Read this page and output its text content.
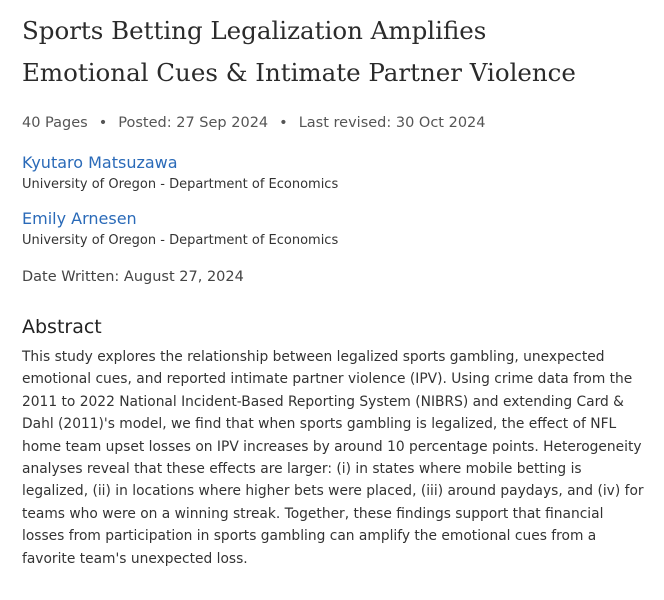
Sports Betting Legalization Amplifies
Emotional Cues & Intimate Partner Violence
40 Pages • Posted: 27 Sep 2024 • Last revised: 30 Oct 2024
Kyutaro Matsuzawa
University of Oregon - Department of Economics
Emily Arnesen
University of Oregon - Department of Economics
Date Written: August 27, 2024
Abstract

This study explores the relationship between legalized sports gambling, unexpected emotional cues, and reported intimate partner violence (IPV). Using crime data from the 2011 to 2022 National Incident-Based Reporting System (NIBRS) and extending Card & Dahl (2011)'s model, we find that when sports gambling is legalized, the effect of NFL home team upset losses on IPV increases by around 10 percentage points. Heterogeneity analyses reveal that these effects are larger: (i) in states where mobile betting is legalized, (ii) in locations where higher bets were placed, (iii) around paydays, and (iv) for teams who were on a winning streak. Together, these findings support that financial losses from participation in sports gambling can amplify the emotional cues from a favorite team's unexpected loss.
